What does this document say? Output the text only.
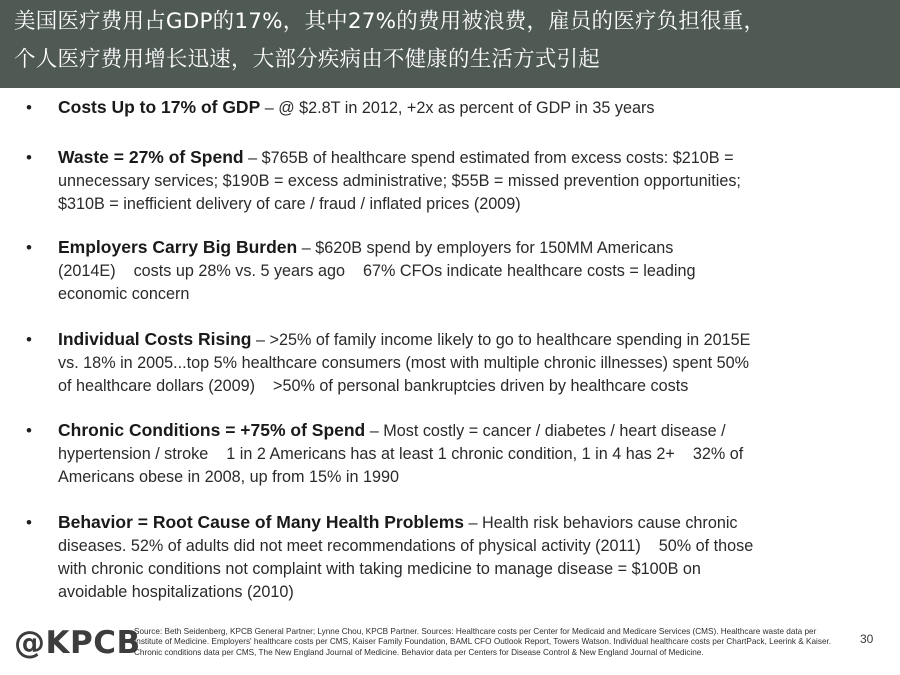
美国医疗费用占GDP的17%，其中27%的费用被浪费，雇员的医疗负担很重，
个人医疗费用增长迅速，大部分疾病由不健康的生活方式引起
• Costs Up to 17% of GDP – @ $2.8T in 2012, +2x as percent of GDP in 35 years
• Waste = 27% of Spend – $765B of healthcare spend estimated from excess costs: $210B =
unnecessary services; $190B = excess administrative; $55B = missed prevention opportunities;
$310B = inefficient delivery of care / fraud / inflated prices (2009)
• Employers Carry Big Burden – $620B spend by employers for 150MM Americans
(2014E)    costs up 28% vs. 5 years ago    67% CFOs indicate healthcare costs = leading
economic concern
• Individual Costs Rising – >25% of family income likely to go to healthcare spending in 2015E
vs. 18% in 2005...top 5% healthcare consumers (most with multiple chronic illnesses) spent 50%
of healthcare dollars (2009)    >50% of personal bankruptcies driven by healthcare costs
• Chronic Conditions = +75% of Spend – Most costly = cancer / diabetes / heart disease /
hypertension / stroke    1 in 2 Americans has at least 1 chronic condition, 1 in 4 has 2+    32% of
Americans obese in 2008, up from 15% in 1990
• Behavior = Root Cause of Many Health Problems – Health risk behaviors cause chronic
diseases. 52% of adults did not meet recommendations of physical activity (2011)    50% of those
with chronic conditions not complaint with taking medicine to manage disease = $100B on
avoidable hospitalizations (2010)
@KPCB
Source: Beth Seidenberg, KPCB General Partner; Lynne Chou, KPCB Partner. Sources: Healthcare costs per Center for Medicaid and Medicare Services (CMS). Healthcare waste data per Institute of Medicine. Employers' healthcare costs per CMS, Kaiser Family Foundation, BAML CFO Outlook Report, Towers Watson. Individual healthcare costs per ChartPack, Leerink & Kaiser. Chronic conditions data per CMS, The New England Journal of Medicine. Behavior data per Centers for Disease Control & New England Journal of Medicine.
30
